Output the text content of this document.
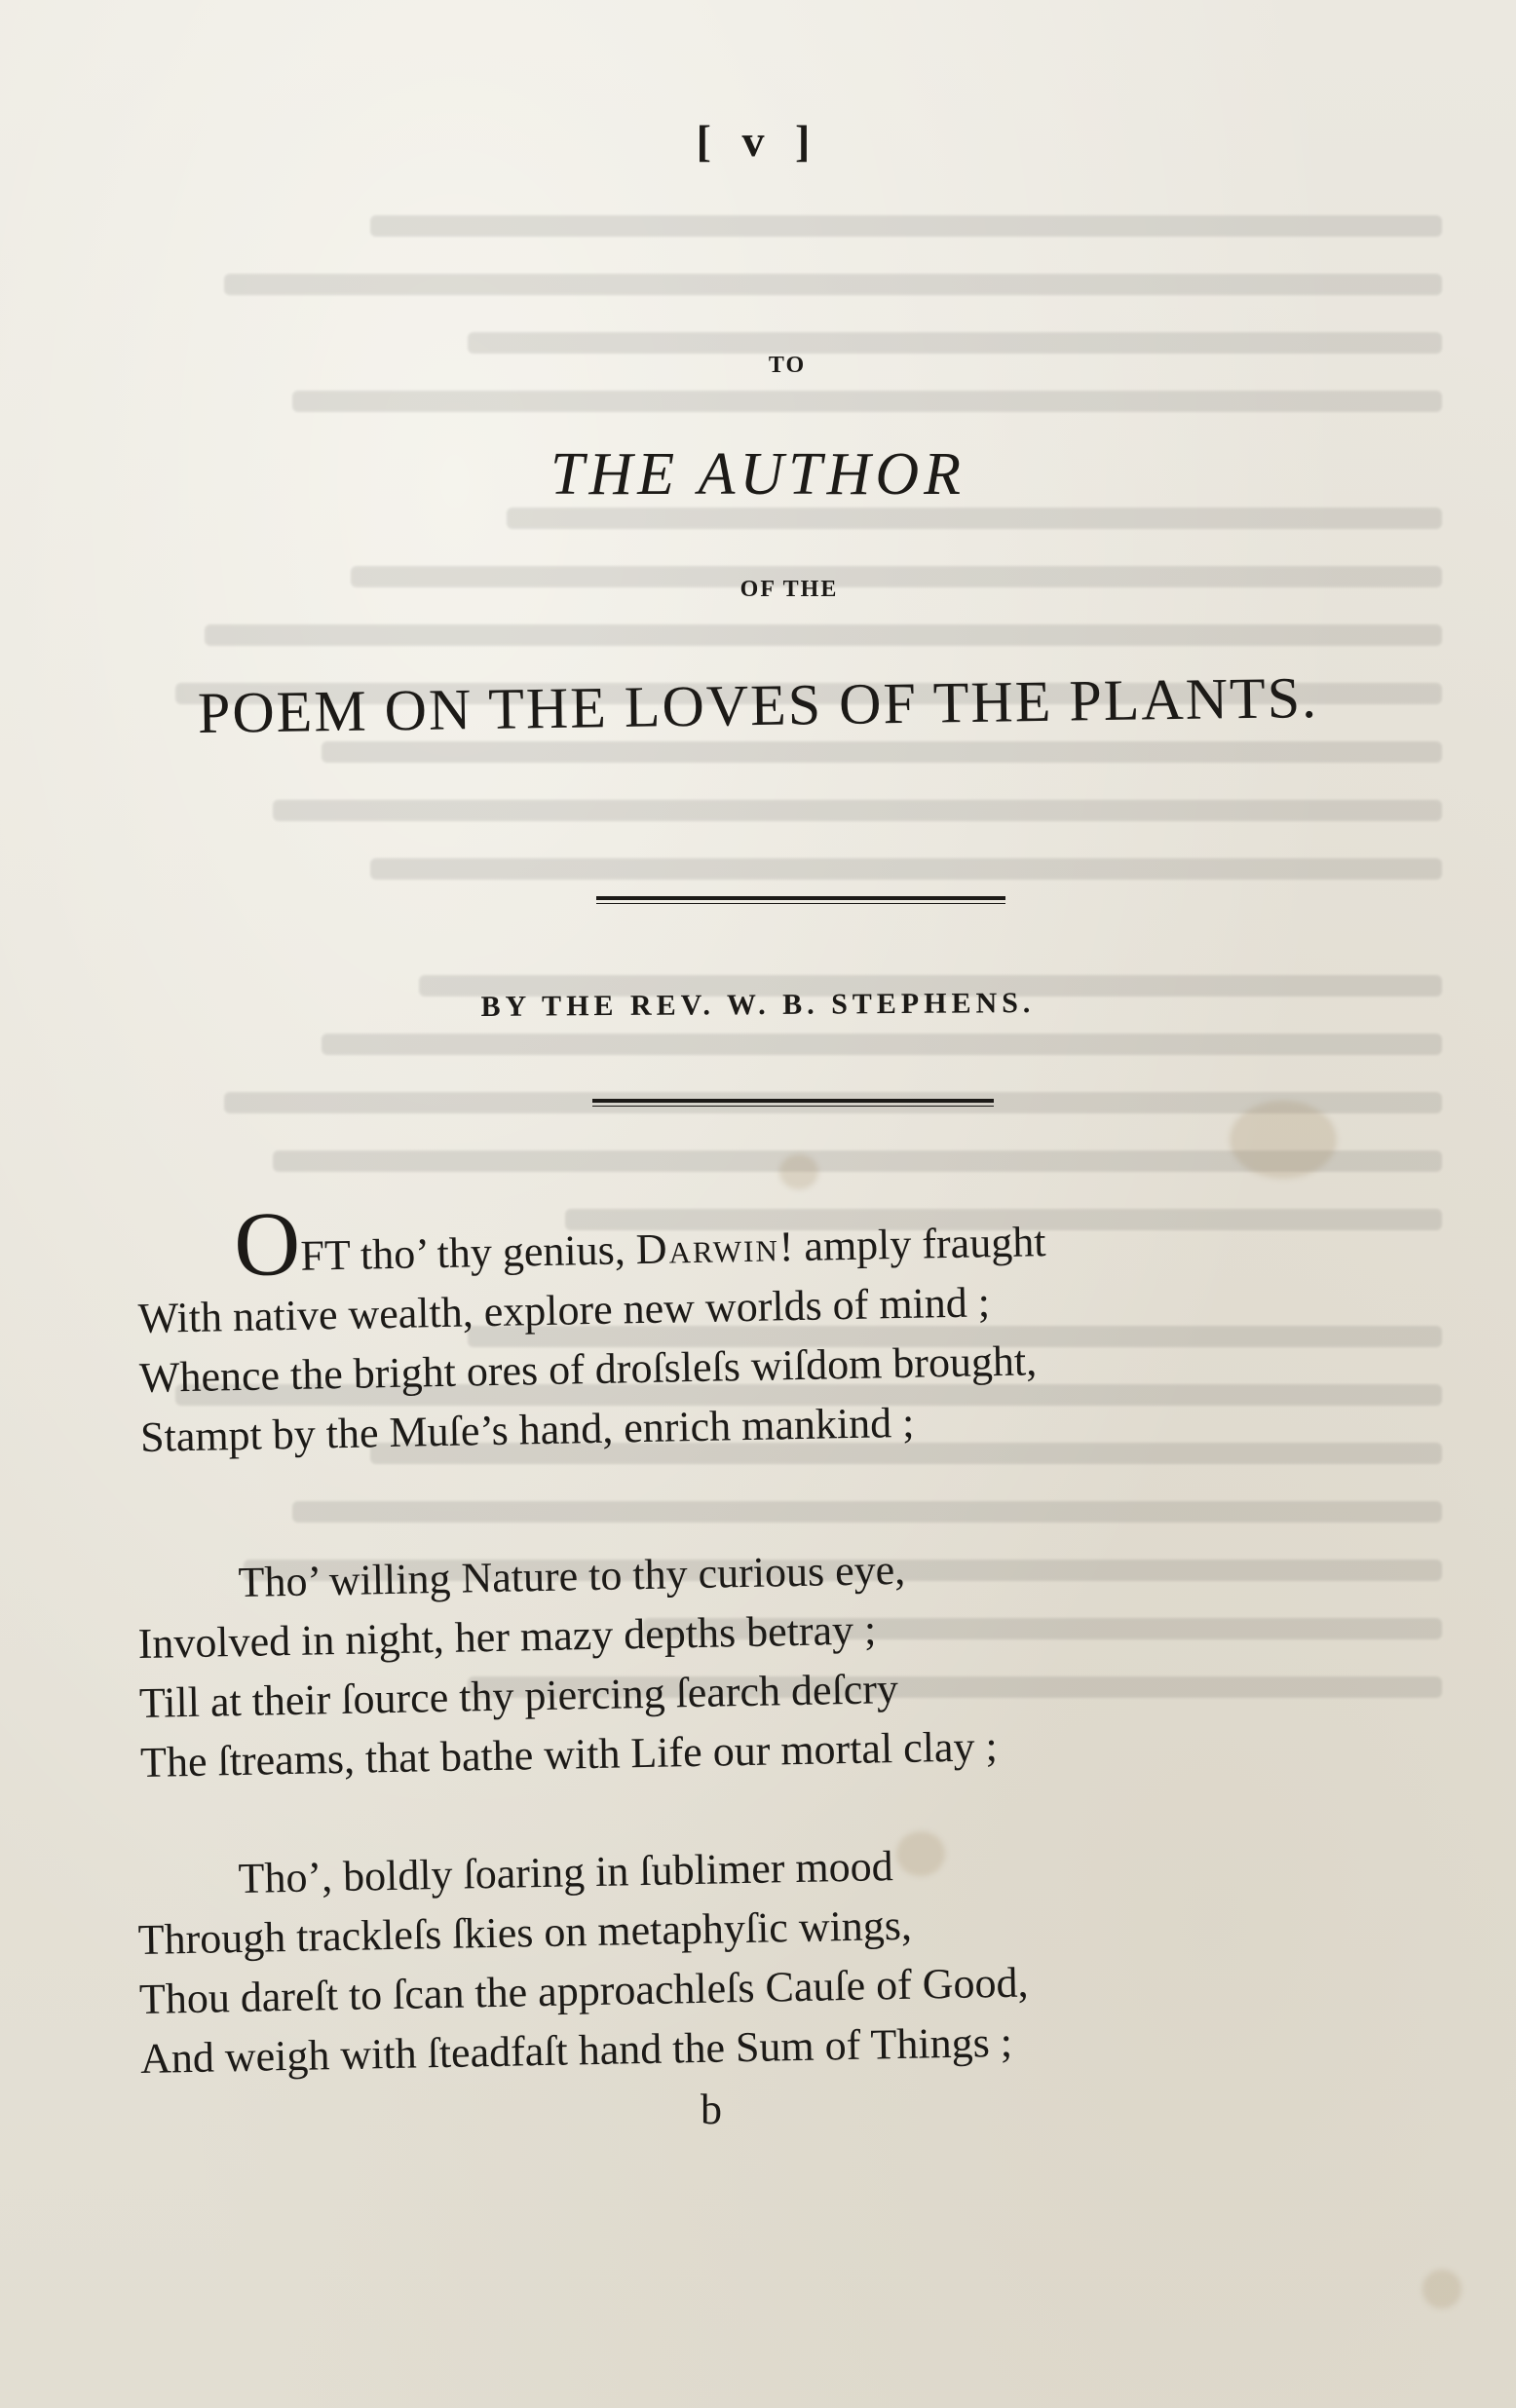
[ v ]
TO
THE AUTHOR
OF THE
POEM ON THE LOVES OF THE PLANTS.
BY THE REV. W. B. STEPHENS.
OFT tho’ thy genius, Darwin! amply fraught
With native wealth, explore new worlds of mind ;
Whence the bright ores of droſsleſs wiſdom brought,
Stampt by the Muſe’s hand, enrich mankind ;
Tho’ willing Nature to thy curious eye,
Involved in night, her mazy depths betray ;
Till at their ſource thy piercing ſearch deſcry
The ſtreams, that bathe with Life our mortal clay ;
Tho’, boldly ſoaring in ſublimer mood
Through trackleſs ſkies on metaphyſic wings,
Thou dareſt to ſcan the approachleſs Cauſe of Good,
And weigh with ſteadfaſt hand the Sum of Things ;
b
